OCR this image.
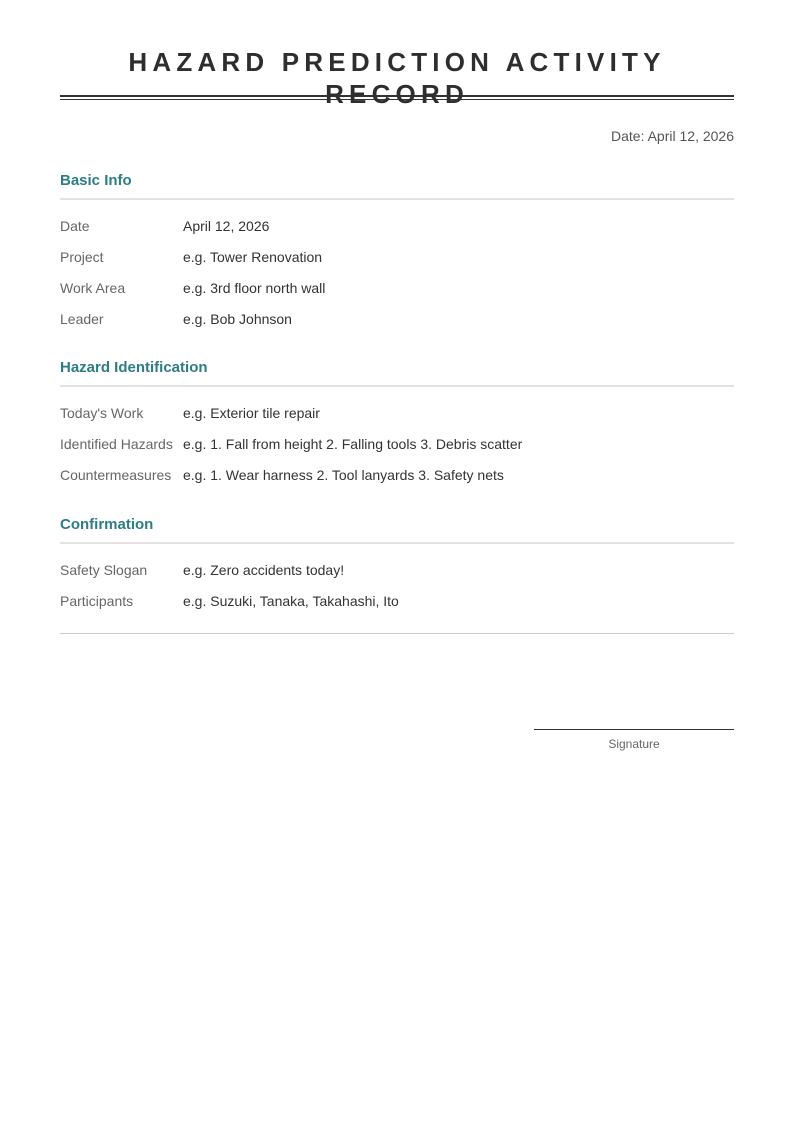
HAZARD PREDICTION ACTIVITY RECORD
Date: April 12, 2026
Basic Info
Date	April 12, 2026
Project	e.g. Tower Renovation
Work Area	e.g. 3rd floor north wall
Leader	e.g. Bob Johnson
Hazard Identification
Today's Work	e.g. Exterior tile repair
Identified Hazards e.g. 1. Fall from height 2. Falling tools 3. Debris scatter
Countermeasures e.g. 1. Wear harness 2. Tool lanyards 3. Safety nets
Confirmation
Safety Slogan	e.g. Zero accidents today!
Participants	e.g. Suzuki, Tanaka, Takahashi, Ito
Signature
